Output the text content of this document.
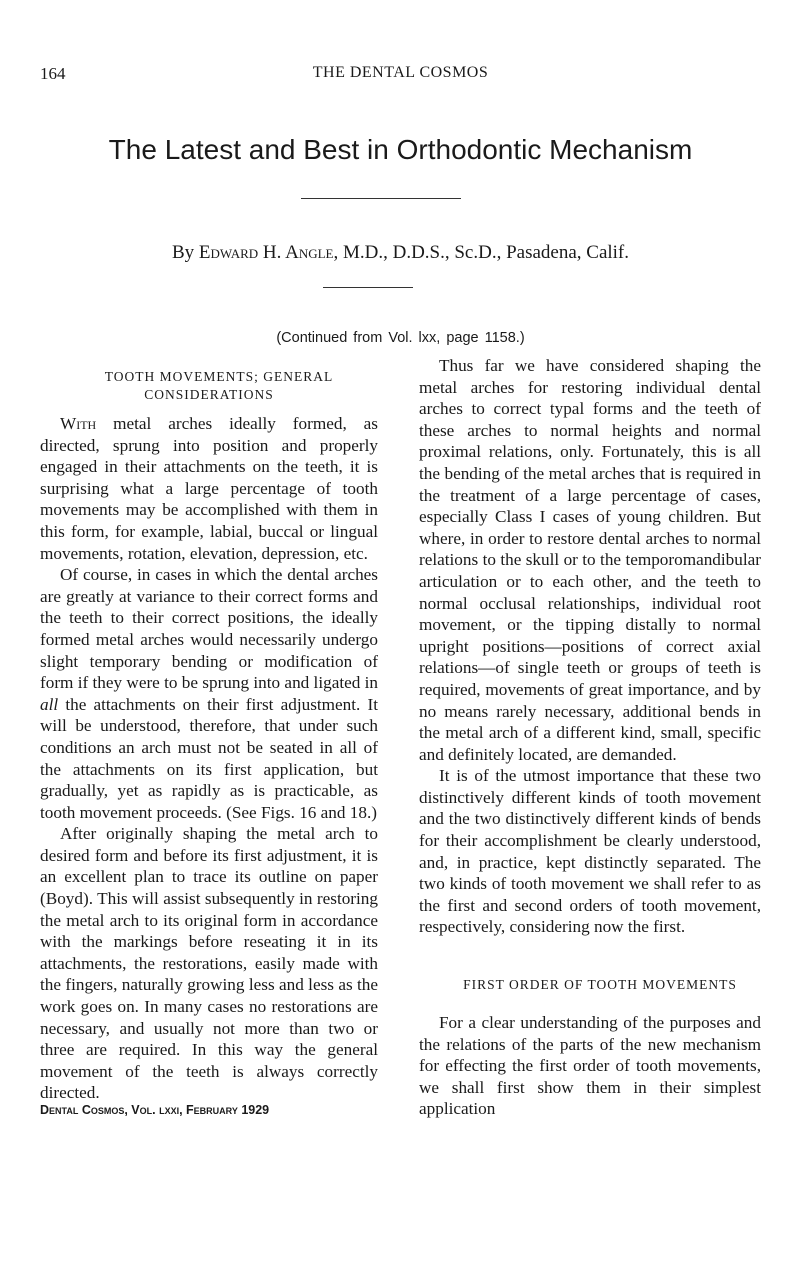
164	THE DENTAL COSMOS
The Latest and Best in Orthodontic Mechanism
By Edward H. Angle, M.D., D.D.S., Sc.D., Pasadena, Calif.
(Continued from Vol. lxx, page 1158.)

TOOTH MOVEMENTS; GENERAL
CONSIDERATIONS

With metal arches ideally formed, as directed, sprung into position and properly engaged in their attachments on the teeth, it is surprising what a large percentage of tooth movements may be accomplished with them in this form, for example, labial, buccal or lingual movements, rotation, elevation, depression, etc.

Of course, in cases in which the dental arches are greatly at variance to their correct forms and the teeth to their correct positions, the ideally formed metal arches would necessarily undergo slight temporary bending or modification of form if they were to be sprung into and ligated in all the attachments on their first adjustment. It will be understood, therefore, that under such conditions an arch must not be seated in all of the attachments on its first application, but gradually, yet as rapidly as is practicable, as tooth movement proceeds. (See Figs. 16 and 18.)

After originally shaping the metal arch to desired form and before its first adjustment, it is an excellent plan to trace its outline on paper (Boyd). This will assist subsequently in restoring the metal arch to its original form in accordance with the markings before reseating it in its attachments, the restorations, easily made with the fingers, naturally growing less and less as the work goes on. In many cases no restorations are necessary, and usually not more than two or three are required. In this way the general movement of the teeth is always correctly directed.

Thus far we have considered shaping the metal arches for restoring individual dental arches to correct typal forms and the teeth of these arches to normal heights and normal proximal relations, only. Fortunately, this is all the bending of the metal arches that is required in the treatment of a large percentage of cases, especially Class I cases of young children. But where, in order to restore dental arches to normal relations to the skull or to the temporomandibular articulation or to each other, and the teeth to normal occlusal relationships, individual root movement, or the tipping distally to normal upright positions—positions of correct axial relations—of single teeth or groups of teeth is required, movements of great importance, and by no means rarely necessary, additional bends in the metal arch of a different kind, small, specific and definitely located, are demanded.

It is of the utmost importance that these two distinctively different kinds of tooth movement and the two distinctively different kinds of bends for their accomplishment be clearly understood, and, in practice, kept distinctly separated. The two kinds of tooth movement we shall refer to as the first and second orders of tooth movement, respectively, considering now the first.

FIRST ORDER OF TOOTH MOVEMENTS

For a clear understanding of the purposes and the relations of the parts of the new mechanism for effecting the first order of tooth movements, we shall first show them in their simplest application

Dental Cosmos, Vol. lxxi, February 1929
